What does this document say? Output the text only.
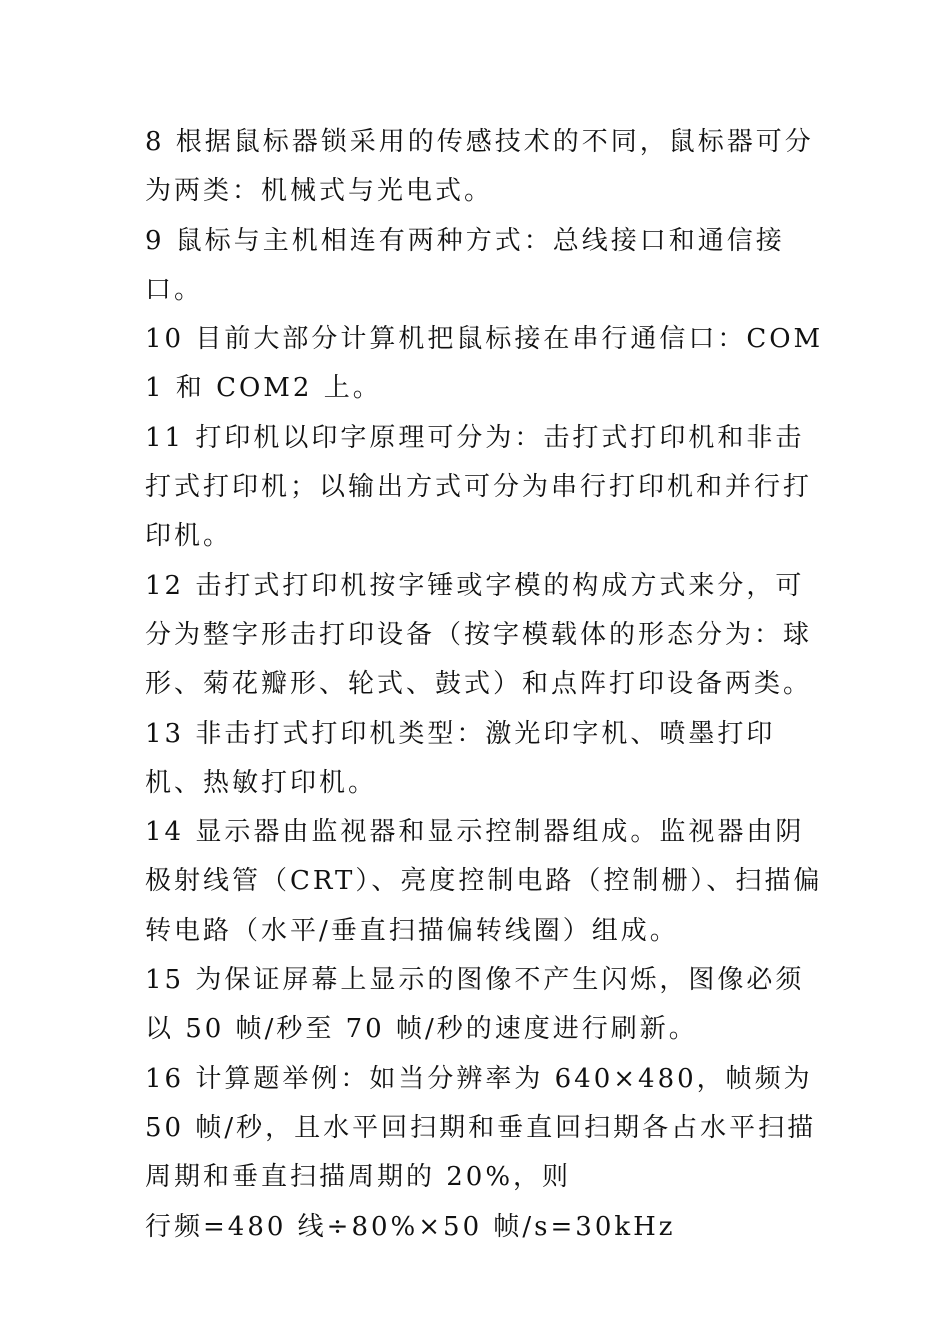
8 根据鼠标器锁采用的传感技术的不同，鼠标器可分为两类：机械式与光电式。

9 鼠标与主机相连有两种方式：总线接口和通信接口。

10 目前大部分计算机把鼠标接在串行通信口：COM1 和 COM2 上。

11 打印机以印字原理可分为：击打式打印机和非击打式打印机；以输出方式可分为串行打印机和并行打印机。

12 击打式打印机按字锤或字模的构成方式来分，可分为整字形击打印设备（按字模载体的形态分为：球形、菊花瓣形、轮式、鼓式）和点阵打印设备两类。

13 非击打式打印机类型：激光印字机、喷墨打印机、热敏打印机。

14 显示器由监视器和显示控制器组成。监视器由阴极射线管（CRT）、亮度控制电路（控制栅）、扫描偏转电路（水平/垂直扫描偏转线圈）组成。

15 为保证屏幕上显示的图像不产生闪烁，图像必须以 50 帧/秒至 70 帧/秒的速度进行刷新。

16 计算题举例：如当分辨率为 640×480，帧频为 50 帧/秒，且水平回扫期和垂直回扫期各占水平扫描周期和垂直扫描周期的 20%，则

行频=480 线÷80%×50 帧/s=30kHz
